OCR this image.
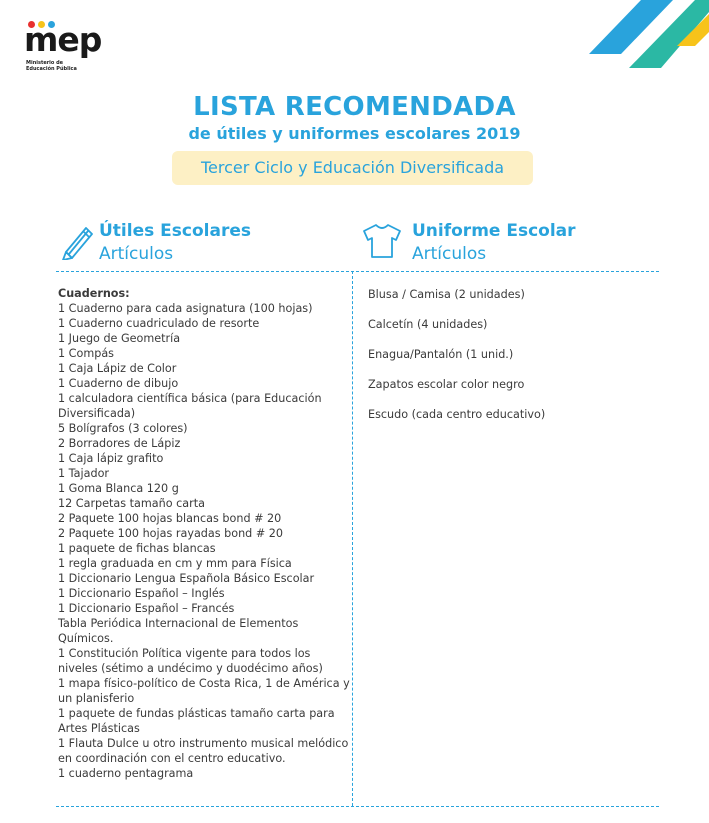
mep
Ministerio de
Educación Pública
LISTA RECOMENDADA
de útiles y uniformes escolares 2019
Tercer Ciclo y Educación Diversificada
Útiles Escolares
Artículos
Uniforme Escolar
Artículos
Cuadernos:
1 Cuaderno para cada asignatura (100 hojas)
1 Cuaderno cuadriculado de resorte
1 Juego de Geometría
1 Compás
1 Caja Lápiz de Color
1 Cuaderno de dibujo
1 calculadora científica básica (para Educación Diversificada)
5 Bolígrafos (3 colores)
2 Borradores de Lápiz
1 Caja lápiz grafito
1 Tajador
1 Goma Blanca 120 g
12 Carpetas tamaño carta
2 Paquete 100 hojas blancas bond # 20
2 Paquete 100 hojas rayadas bond # 20
1 paquete de fichas blancas
1 regla graduada en cm y mm para Física
1 Diccionario Lengua Española Básico Escolar
1 Diccionario Español – Inglés
1 Diccionario Español – Francés
Tabla Periódica Internacional de Elementos Químicos.
1 Constitución Política vigente para todos los niveles (sétimo a undécimo y duodécimo años)
1 mapa físico-político de Costa Rica, 1 de América y un planisferio
1 paquete de fundas plásticas tamaño carta para Artes Plásticas
1 Flauta Dulce u otro instrumento musical melódico en coordinación con el centro educativo.
1 cuaderno pentagrama
Blusa / Camisa (2 unidades)
Calcetín (4 unidades)
Enagua/Pantalón (1 unid.)
Zapatos escolar color negro
Escudo (cada centro educativo)
